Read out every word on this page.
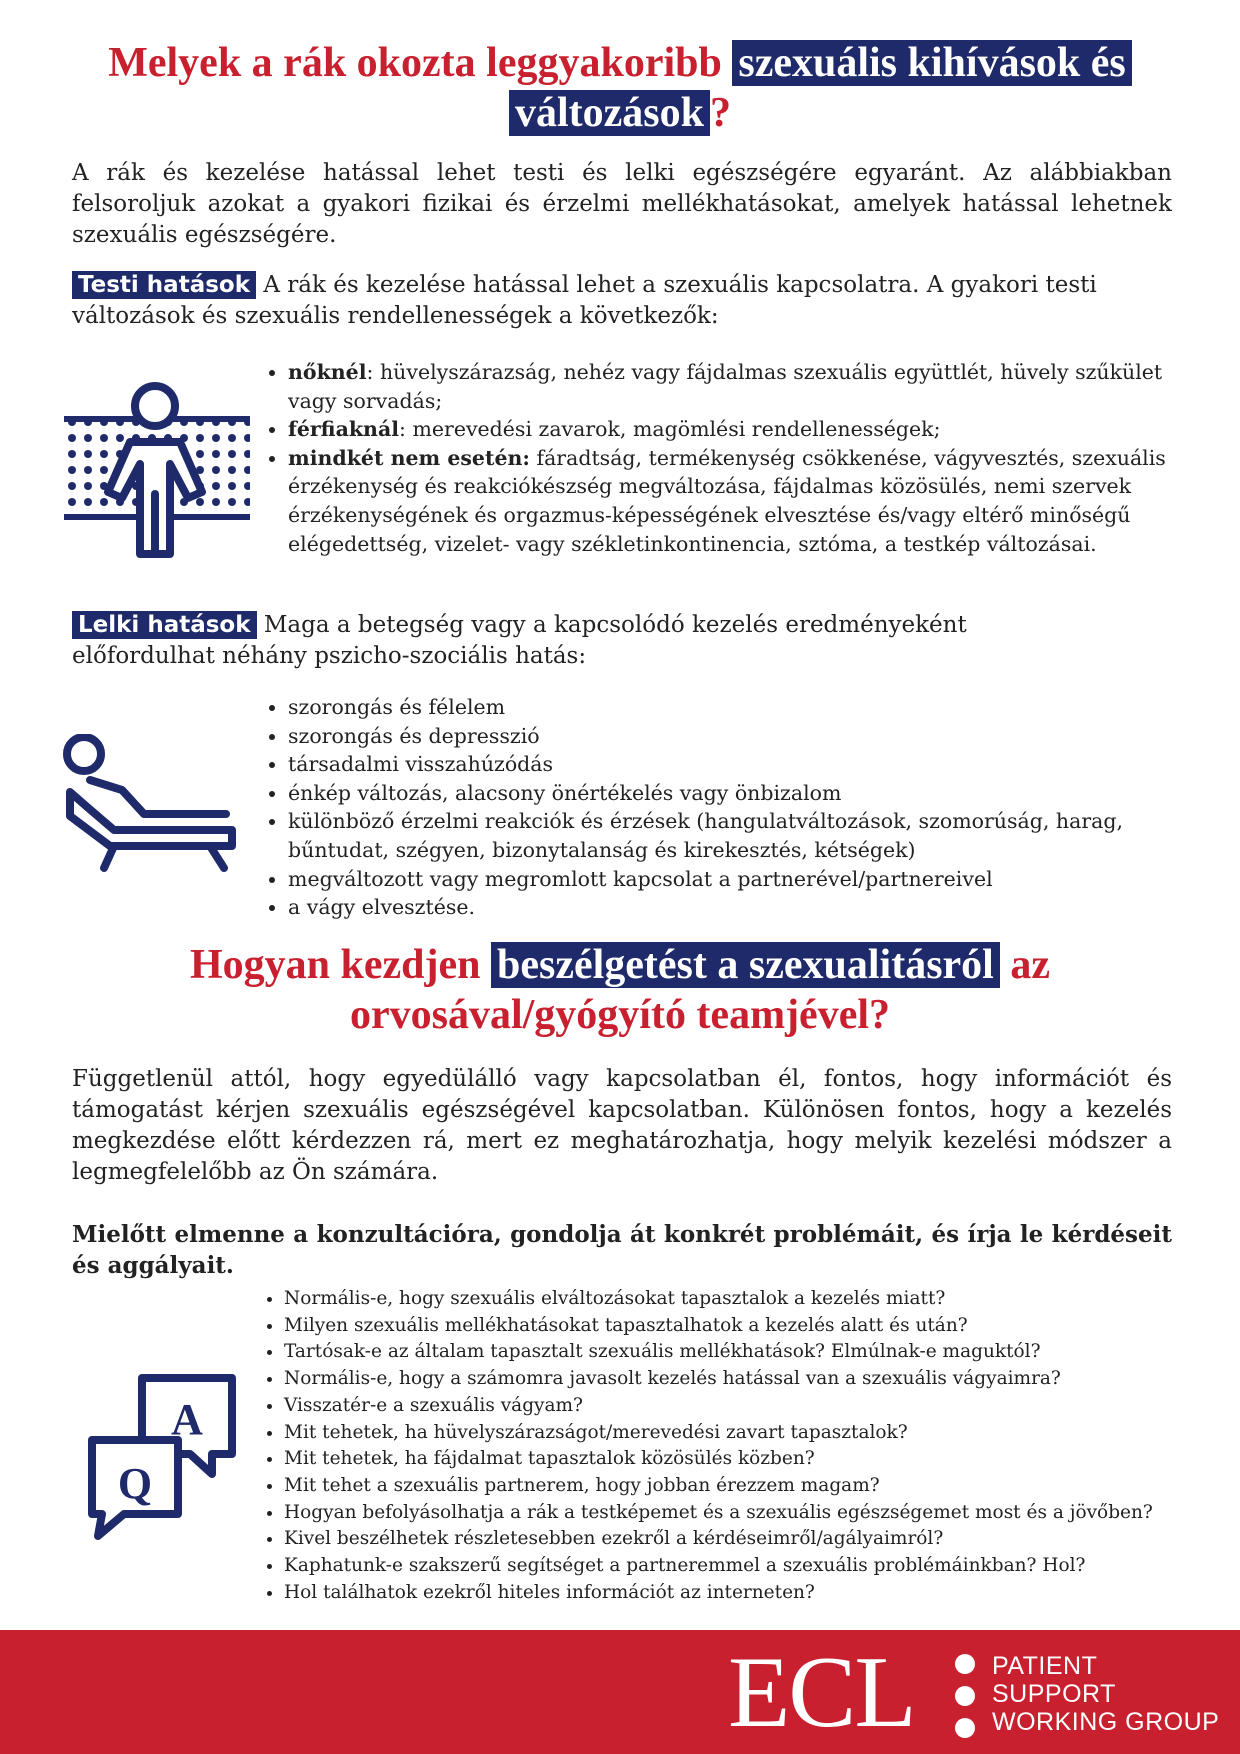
Melyek a rák okozta leggyakoribb szexuális kihívások és
változások ?
A rák és kezelése hatással lehet testi és lelki egészségére egyaránt. Az alábbiakban felsoroljuk azokat a gyakori fizikai és érzelmi mellékhatásokat, amelyek hatással lehetnek szexuális egészségére.
Testi hatások A rák és kezelése hatással lehet a szexuális kapcsolatra. A gyakori testi változások és szexuális rendellenességek a következők:
• nőknél: hüvelyszárazság, nehéz vagy fájdalmas szexuális együttlét, hüvely szűkület vagy sorvadás;
• férfiaknál: merevedési zavarok, magömlési rendellenességek;
• mindkét nem esetén: fáradtság, termékenység csökkenése, vágyvesztés, szexuális érzékenység és reakciókészség megváltozása, fájdalmas közösülés, nemi szervek érzékenységének és orgazmus-képességének elvesztése és/vagy eltérő minőségű elégedettség, vizelet- vagy székletinkontinencia, sztóma, a testkép változásai.
Lelki hatások Maga a betegség vagy a kapcsolódó kezelés eredményeként előfordulhat néhány pszicho-szociális hatás:
• szorongás és félelem
• szorongás és depresszió
• társadalmi visszahúzódás
• énkép változás, alacsony önértékelés vagy önbizalom
• különböző érzelmi reakciók és érzések (hangulatváltozások, szomorúság, harag, bűntudat, szégyen, bizonytalanság és kirekesztés, kétségek)
• megváltozott vagy megromlott kapcsolat a partnerével/partnereivel
• a vágy elvesztése.
Hogyan kezdjen beszélgetést a szexualitásról az
orvosával/gyógyító teamjével?
Függetlenül attól, hogy egyedülálló vagy kapcsolatban él, fontos, hogy információt és támogatást kérjen szexuális egészségével kapcsolatban. Különösen fontos, hogy a kezelés megkezdése előtt kérdezzen rá, mert ez meghatározhatja, hogy melyik kezelési módszer a legmegfelelőbb az Ön számára.
Mielőtt elmenne a konzultációra, gondolja át konkrét problémáit, és írja le kérdéseit és aggályait.
A
Q
• Normális-e, hogy szexuális elváltozásokat tapasztalok a kezelés miatt?
• Milyen szexuális mellékhatásokat tapasztalhatok a kezelés alatt és után?
• Tartósak-e az általam tapasztalt szexuális mellékhatások? Elmúlnak-e maguktól?
• Normális-e, hogy a számomra javasolt kezelés hatással van a szexuális vágyaimra?
• Visszatér-e a szexuális vágyam?
• Mit tehetek, ha hüvelyszárazságot/merevedési zavart tapasztalok?
• Mit tehetek, ha fájdalmat tapasztalok közösülés közben?
• Mit tehet a szexuális partnerem, hogy jobban érezzem magam?
• Hogyan befolyásolhatja a rák a testképemet és a szexuális egészségemet most és a jövőben?
• Kivel beszélhetek részletesebben ezekről a kérdéseimről/agályaimról?
• Kaphatunk-e szakszerű segítséget a partneremmel a szexuális problémáinkban? Hol?
• Hol találhatok ezekről hiteles információt az interneten?
ECL	PATIENT
SUPPORT
WORKING GROUP
